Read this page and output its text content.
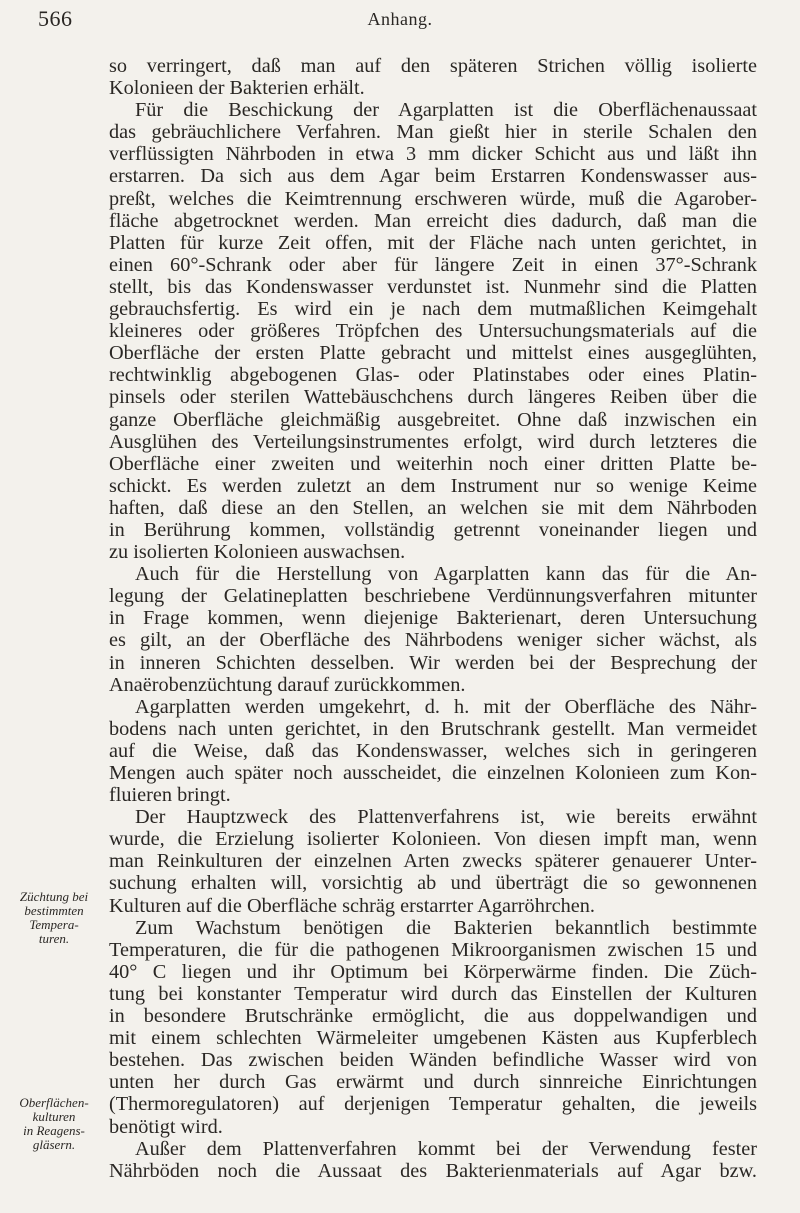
566	Anhang.
Züchtung bei
bestimmten
Tempera-
turen.
Oberflächen-
kulturen
in Reagens-
gläsern.
so verringert, daß man auf den späteren Strichen völlig isolierte
Kolonieen der Bakterien erhält.
Für die Beschickung der Agarplatten ist die Oberflächenaussaat
das gebräuchlichere Verfahren. Man gießt hier in sterile Schalen den
verflüssigten Nährboden in etwa 3 mm dicker Schicht aus und läßt ihn
erstarren. Da sich aus dem Agar beim Erstarren Kondenswasser aus-
preßt, welches die Keimtrennung erschweren würde, muß die Agarober-
fläche abgetrocknet werden. Man erreicht dies dadurch, daß man die
Platten für kurze Zeit offen, mit der Fläche nach unten gerichtet, in
einen 60°-Schrank oder aber für längere Zeit in einen 37°-Schrank
stellt, bis das Kondenswasser verdunstet ist. Nunmehr sind die Platten
gebrauchsfertig. Es wird ein je nach dem mutmaßlichen Keimgehalt
kleineres oder größeres Tröpfchen des Untersuchungsmaterials auf die
Oberfläche der ersten Platte gebracht und mittelst eines ausgeglühten,
rechtwinklig abgebogenen Glas- oder Platinstabes oder eines Platin-
pinsels oder sterilen Wattebäuschchens durch längeres Reiben über die
ganze Oberfläche gleichmäßig ausgebreitet. Ohne daß inzwischen ein
Ausglühen des Verteilungsinstrumentes erfolgt, wird durch letzteres die
Oberfläche einer zweiten und weiterhin noch einer dritten Platte be-
schickt. Es werden zuletzt an dem Instrument nur so wenige Keime
haften, daß diese an den Stellen, an welchen sie mit dem Nährboden
in Berührung kommen, vollständig getrennt voneinander liegen und
zu isolierten Kolonieen auswachsen.
Auch für die Herstellung von Agarplatten kann das für die An-
legung der Gelatineplatten beschriebene Verdünnungsverfahren mitunter
in Frage kommen, wenn diejenige Bakterienart, deren Untersuchung
es gilt, an der Oberfläche des Nährbodens weniger sicher wächst, als
in inneren Schichten desselben. Wir werden bei der Besprechung der
Anaërobenzüchtung darauf zurückkommen.
Agarplatten werden umgekehrt, d. h. mit der Oberfläche des Nähr-
bodens nach unten gerichtet, in den Brutschrank gestellt. Man vermeidet
auf die Weise, daß das Kondenswasser, welches sich in geringeren
Mengen auch später noch ausscheidet, die einzelnen Kolonieen zum Kon-
fluieren bringt.
Der Hauptzweck des Plattenverfahrens ist, wie bereits erwähnt
wurde, die Erzielung isolierter Kolonieen. Von diesen impft man, wenn
man Reinkulturen der einzelnen Arten zwecks späterer genauerer Unter-
suchung erhalten will, vorsichtig ab und überträgt die so gewonnenen
Kulturen auf die Oberfläche schräg erstarrter Agarröhrchen.
Zum Wachstum benötigen die Bakterien bekanntlich bestimmte
Temperaturen, die für die pathogenen Mikroorganismen zwischen 15 und
40° C liegen und ihr Optimum bei Körperwärme finden. Die Züch-
tung bei konstanter Temperatur wird durch das Einstellen der Kulturen
in besondere Brutschränke ermöglicht, die aus doppelwandigen und
mit einem schlechten Wärmeleiter umgebenen Kästen aus Kupferblech
bestehen. Das zwischen beiden Wänden befindliche Wasser wird von
unten her durch Gas erwärmt und durch sinnreiche Einrichtungen
(Thermoregulatoren) auf derjenigen Temperatur gehalten, die jeweils
benötigt wird.
Außer dem Plattenverfahren kommt bei der Verwendung fester
Nährböden noch die Aussaat des Bakterienmaterials auf Agar bzw.
